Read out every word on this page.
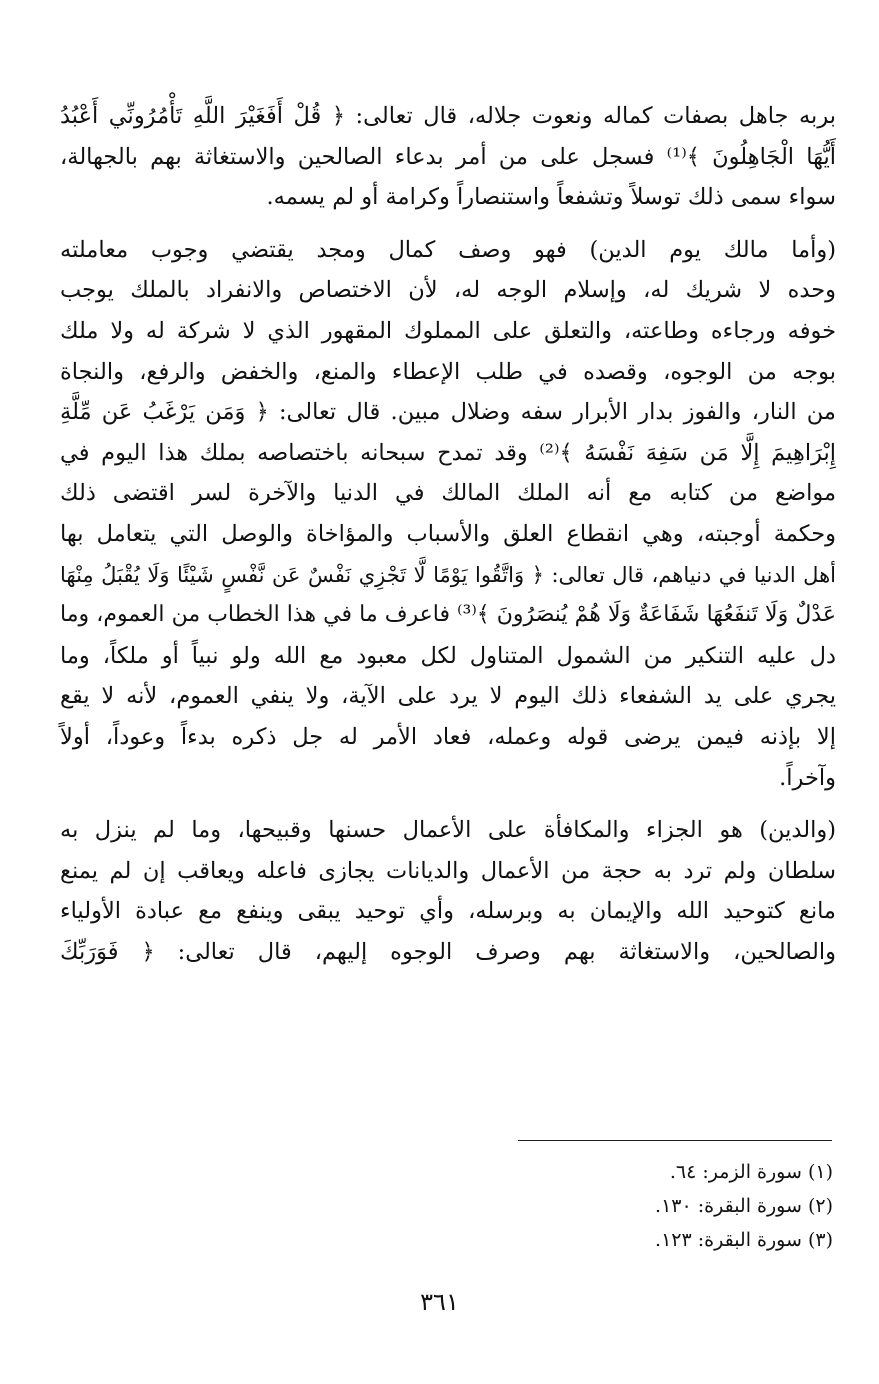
بربه جاهل بصفات كماله ونعوت جلاله، قال تعالى: ﴿ قُلْ أَفَغَيْرَ اللَّهِ تَأْمُرُونِّي أَعْبُدُ
أَيُّهَا الْجَاهِلُونَ ﴾⁽¹⁾ فسجل على من أمر بدعاء الصالحين والاستغاثة بهم بالجهالة،
سواء سمى ذلك توسلاً وتشفعاً واستنصاراً وكرامة أو لم يسمه.

(وأما مالك يوم الدين) فهو وصف كمال ومجد يقتضي وجوب معاملته
وحده لا شريك له، وإسلام الوجه له، لأن الاختصاص والانفراد بالملك يوجب
خوفه ورجاءه وطاعته، والتعلق على المملوك المقهور الذي لا شركة له ولا ملك
بوجه من الوجوه، وقصده في طلب الإعطاء والمنع، والخفض والرفع، والنجاة
من النار، والفوز بدار الأبرار سفه وضلال مبين. قال تعالى: ﴿ وَمَن يَرْغَبُ عَن مِّلَّةِ
إِبْرَاهِيمَ إِلَّا مَن سَفِهَ نَفْسَهُ ﴾⁽²⁾ وقد تمدح سبحانه باختصاصه بملك هذا اليوم في
مواضع من كتابه مع أنه الملك المالك في الدنيا والآخرة لسر اقتضى ذلك
وحكمة أوجبته، وهي انقطاع العلق والأسباب والمؤاخاة والوصل التي يتعامل بها
أهل الدنيا في دنياهم، قال تعالى: ﴿ وَاتَّقُوا يَوْمًا لَّا تَجْزِي نَفْسٌ عَن نَّفْسٍ شَيْئًا وَلَا يُقْبَلُ مِنْهَا
عَدْلٌ وَلَا تَنفَعُهَا شَفَاعَةٌ وَلَا هُمْ يُنصَرُونَ ﴾⁽³⁾ فاعرف ما في هذا الخطاب من العموم، وما
دل عليه التنكير من الشمول المتناول لكل معبود مع الله ولو نبياً أو ملكاً، وما
يجري على يد الشفعاء ذلك اليوم لا يرد على الآية، ولا ينفي العموم، لأنه لا يقع
إلا بإذنه فيمن يرضى قوله وعمله، فعاد الأمر له جل ذكره بدءاً وعوداً، أولاً
وآخراً.

(والدين) هو الجزاء والمكافأة على الأعمال حسنها وقبيحها، وما لم ينزل به
سلطان ولم ترد به حجة من الأعمال والديانات يجازى فاعله ويعاقب إن لم يمنع
مانع كتوحيد الله والإيمان به وبرسله، وأي توحيد يبقى وينفع مع عبادة الأولياء
والصالحين، والاستغاثة بهم وصرف الوجوه إليهم، قال تعالى: ﴿ فَوَرَبِّكَ

(١) سورة الزمر: ٦٤.
(٢) سورة البقرة: ١٣٠.
(٣) سورة البقرة: ١٢٣.
٣٦١
